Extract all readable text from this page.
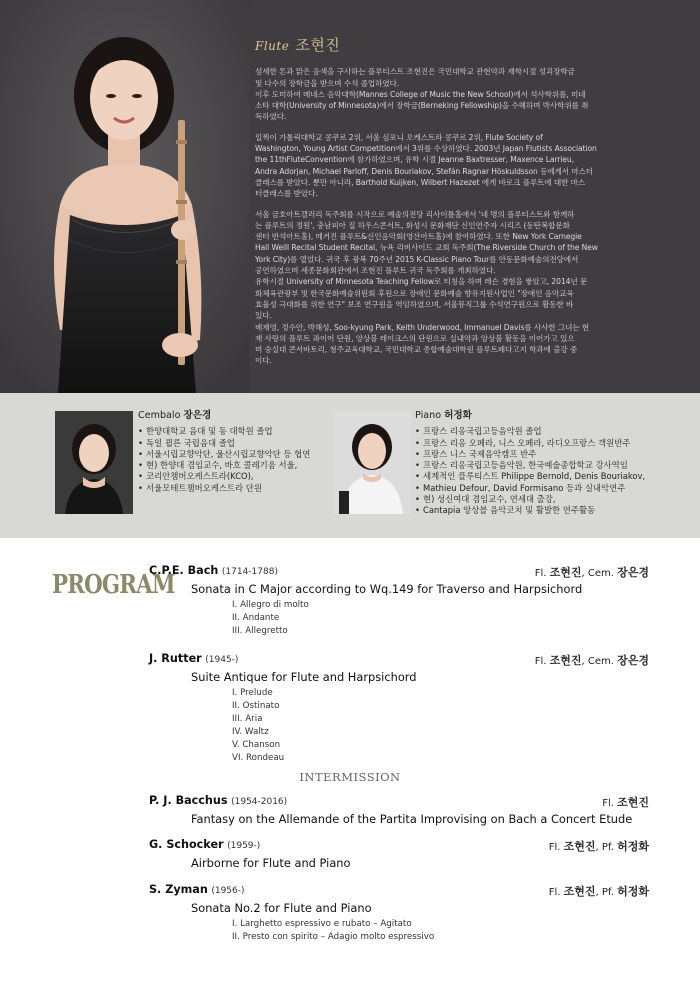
Flute 조현진
섬세한 톤과 맑은 음색을 구사하는 플루티스트 조현진은 국민대학교 관현악과 재학시절 성괴장학금
및 다수의 장학금을 받으며 수석 졸업하였다.
이후 도미하여 메네스 음악대학(Mannes College of Music the New School)에서 석사학위를, 미네
소타 대학(University of Minnesota)에서 장학금(Berneking Fellowship)을 수혜하며 박사학위를 취
득하였다.
일찍이 가톨릭대학교 콩쿠르 2위, 서울 심포니 오케스트라 콩쿠르 2위, Flute Society of
Washington, Young Artist Competition에서 3위를 수상하였다. 2003년 Japan Flutists Association
the 11thFluteConvention에 참가하였으며, 유학 시절 Jeanne Baxtresser, Maxence Larrieu,
Andra Adorjan, Michael Parloff, Denis Bouriakov, Stefán Ragnar Höskuldsson 등에게서 마스터
클래스를 받았다. 뿐만 아니라, Barthold Kuijken, Wilbert Hazezet 에게 바로크 플루트에 대한 마스
터클래스를 받았다.
서울 금호아트갤러리 독주회를 시작으로 예술의전당 리사이틀홀에서 '네 명의 플루티스트와 함께하
는 플루트의 정원', 충남피아 집 하우스콘서트, 화성시 문화재단 신인연주자 시리즈 (동탄복합문화
센터 반석아트홀), 메거진 플루트&신인음악회(영산아트홀)에 참여하였다. 또한 New York Carnegie
Hall Weill Recital Student Recital, 뉴욕 리버사이드 교회 독주회(The Riverside Church of the New
York City)를 열었다. 귀국 후 광복 70주년 2015 K-Classic Piano Tour를 안동문화예술의전당에서
공연하였으며 세종문화회관에서 조현진 플루트 귀국 독주회를 개최하였다.
유학시절 University of Minnesota Teaching Fellow로 티칭을 하며 레슨 경험을 쌓았고, 2014년 문
화체육관광부 및 한국문화예술위원회 후원으로 장애인 문화예술 향유지원사업인 "장애인 음악교육
효율성 극대화를 위한 연구" 보조 연구원을 역임하였으며, 서울뮤직그룹 수석연구원으로 활동한 바
있다.
배재영, 정수안, 박해성, Soo-kyung Park, Keith Underwood, Immanuel Davis를 사사한 그녀는 현
재 사랑의 플루트 콰이어 단원, 앙상블 레이크스의 단원으로 실내악과 앙상블 활동을 이어가고 있으
며 숭실대 콘서바토리, 청주교육대학교, 국민대학교 종합예술대학원 플루트페다고지 학과에 출강 중
이다.
Cembalo 장은경
• 한양대학교 음대 및 동 대학원 졸업
• 독일 쾰른 국립음대 졸업
• 서울시립교향악단, 울산시립교향악단 등 협연
• 현) 한양대 겸임교수, 바흐 콜레기움 서울,
• 코리안챔버오케스트라(KCO),
• 서울모테트챔버오케스트라 단원
Piano 허정화
• 프랑스 리옹국립고등음악원 졸업
• 프랑스 리옹 오페라, 니스 오페라, 라디오프랑스 객원반주
• 프랑스 니스 국제음악캠프 반주
• 프랑스 리옹국립고등음악원, 한국예술종합학교 강사역임
• 세계적인 플루티스트 Philippe Bernold, Denis Bouriakov,
• Mathieu Defour, David Formisano 등과 실내악연주
• 현) 성신여대 겸임교수, 연세대 출강,
• Cantapia 앙상블 음악코치 및 활발한 연주활동
PROGRAM
C.P.E. Bach (1714-1788)	Fl. 조현진, Cem. 장은경
Sonata in C Major according to Wq.149 for Traverso and Harpsichord
I. Allegro di molto
II. Andante
III. Allegretto
J. Rutter (1945-)	Fl. 조현진, Cem. 장은경
Suite Antique for Flute and Harpsichord
I. Prelude
II. Ostinato
III. Aria
IV. Waltz
V. Chanson
VI. Rondeau
P. J. Bacchus (1954-2016)	Fl. 조현진
Fantasy on the Allemande of the Partita Improvising on Bach a Concert Etude
G. Schocker (1959-)	Fl. 조현진, Pf. 허정화
Airborne for Flute and Piano
S. Zyman (1956-)	Fl. 조현진, Pf. 허정화
Sonata No.2 for Flute and Piano
I. Larghetto espressivo e rubato – Agitato
II. Presto con spirito – Adagio molto espressivo
INTERMISSION
